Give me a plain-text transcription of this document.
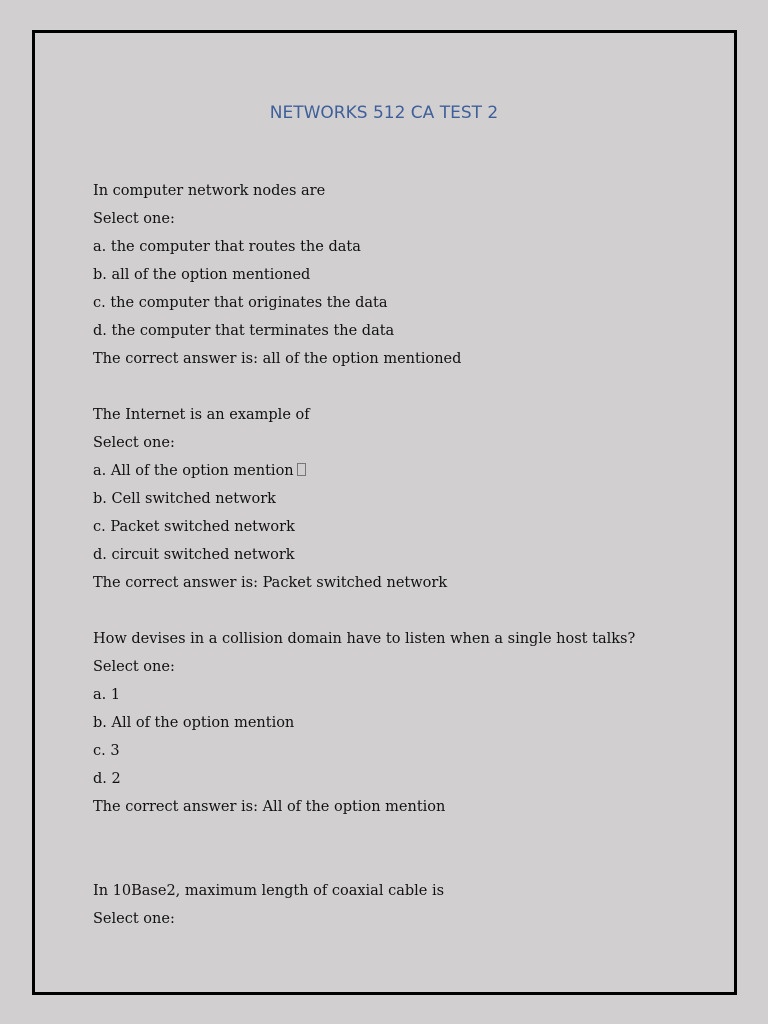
NETWORKS 512 CA TEST 2
In computer network nodes are
Select one:
a. the computer that routes the data
b. all of the option mentioned
c. the computer that originates the data
d. the computer that terminates the data
The correct answer is: all of the option mentioned
The Internet is an example of
Select one:
a. All of the option mention
b. Cell switched network
c. Packet switched network
d. circuit switched network
The correct answer is: Packet switched network
How devises in a collision domain have to listen when a single host talks?
Select one:
a. 1
b. All of the option mention
c. 3
d. 2
The correct answer is: All of the option mention
In 10Base2, maximum length of coaxial cable is
Select one:
